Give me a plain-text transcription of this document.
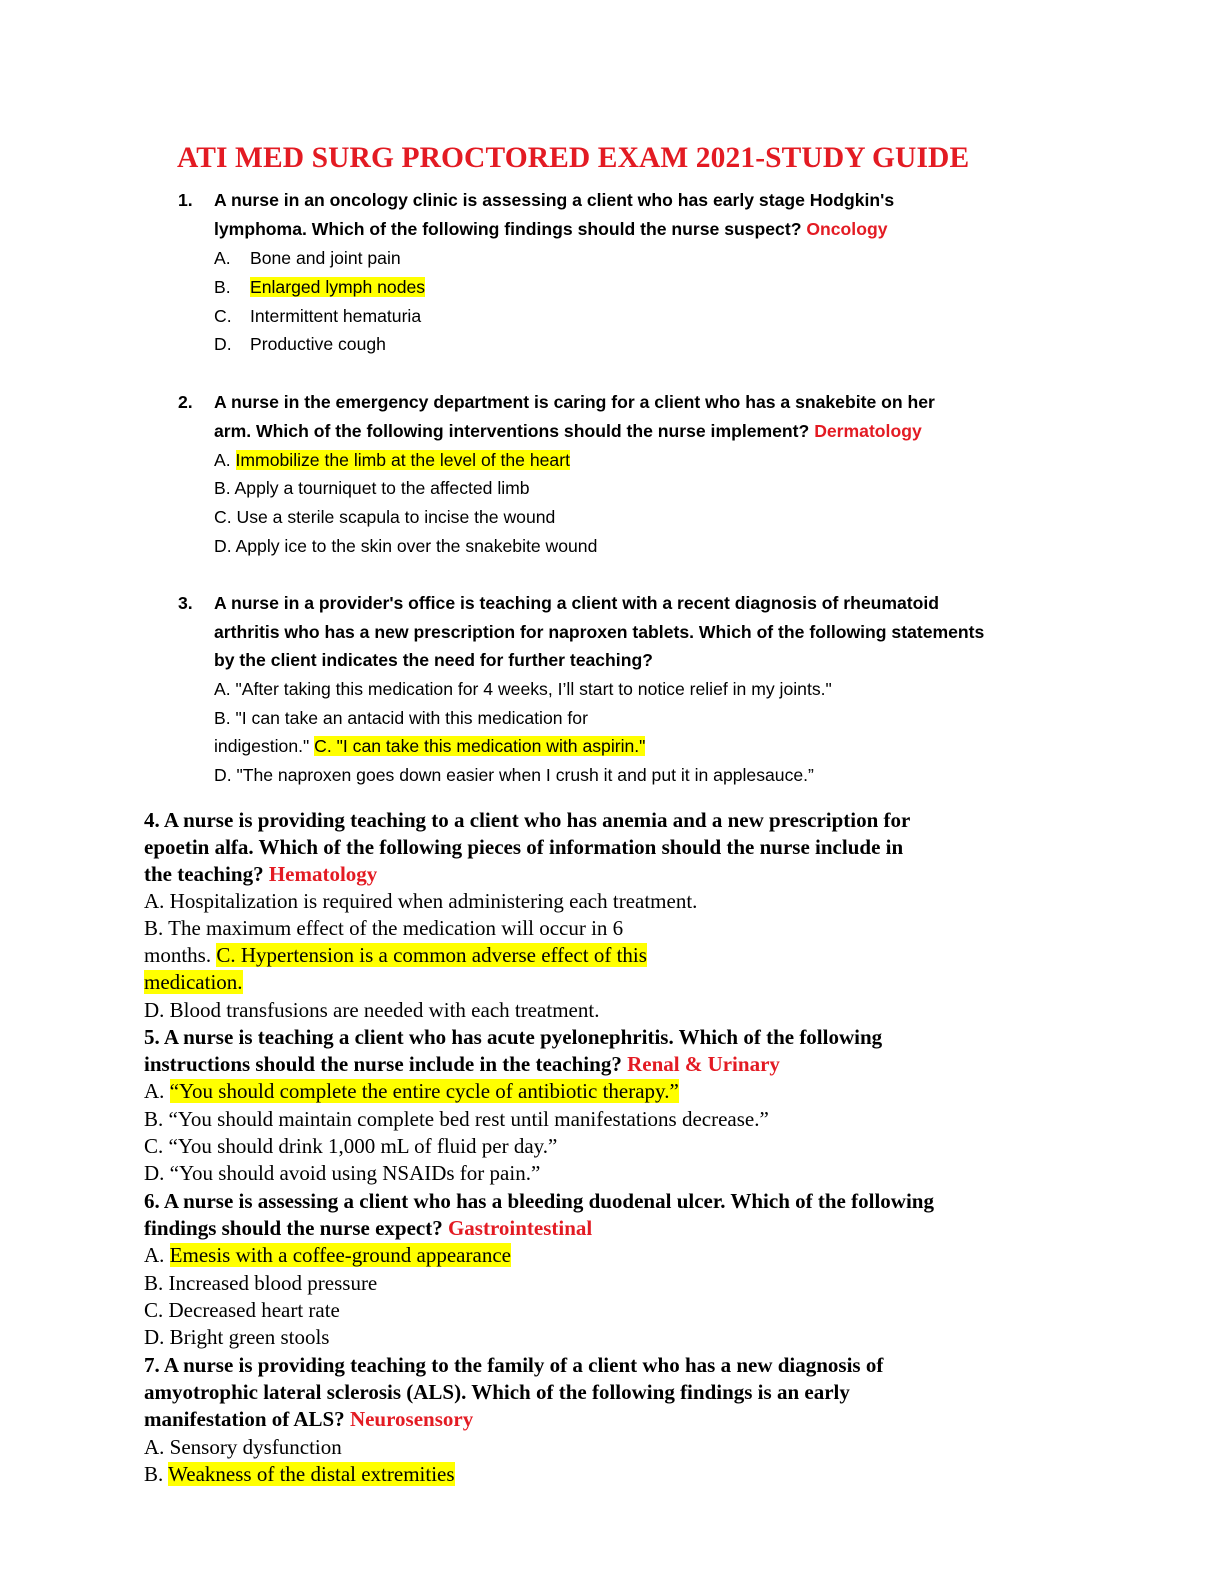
ATI MED SURG PROCTORED EXAM 2021-STUDY GUIDE
1. A nurse in an oncology clinic is assessing a client who has early stage Hodgkin's
lymphoma. Which of the following findings should the nurse suspect? Oncology
A. Bone and joint pain
B. Enlarged lymph nodes
C. Intermittent hematuria
D. Productive cough
2. A nurse in the emergency department is caring for a client who has a snakebite on her
arm. Which of the following interventions should the nurse implement? Dermatology
A. Immobilize the limb at the level of the heart
B. Apply a tourniquet to the affected limb
C. Use a sterile scapula to incise the wound
D. Apply ice to the skin over the snakebite wound
3. A nurse in a provider's office is teaching a client with a recent diagnosis of rheumatoid
arthritis who has a new prescription for naproxen tablets. Which of the following statements
by the client indicates the need for further teaching?
A. "After taking this medication for 4 weeks, I’ll start to notice relief in my joints."
B. "I can take an antacid with this medication for
indigestion." C. "I can take this medication with aspirin."
D. "The naproxen goes down easier when I crush it and put it in applesauce.”
4. A nurse is providing teaching to a client who has anemia and a new prescription for
epoetin alfa. Which of the following pieces of information should the nurse include in
the teaching? Hematology
A. Hospitalization is required when administering each treatment.
B. The maximum effect of the medication will occur in 6
months. C. Hypertension is a common adverse effect of this
medication.
D. Blood transfusions are needed with each treatment.
5. A nurse is teaching a client who has acute pyelonephritis. Which of the following
instructions should the nurse include in the teaching? Renal & Urinary
A. “You should complete the entire cycle of antibiotic therapy.”
B. “You should maintain complete bed rest until manifestations decrease.”
C. “You should drink 1,000 mL of fluid per day.”
D. “You should avoid using NSAIDs for pain.”
6. A nurse is assessing a client who has a bleeding duodenal ulcer. Which of the following
findings should the nurse expect? Gastrointestinal
A. Emesis with a coffee-ground appearance
B. Increased blood pressure
C. Decreased heart rate
D. Bright green stools
7. A nurse is providing teaching to the family of a client who has a new diagnosis of
amyotrophic lateral sclerosis (ALS). Which of the following findings is an early
manifestation of ALS? Neurosensory
A. Sensory dysfunction
B. Weakness of the distal extremities
